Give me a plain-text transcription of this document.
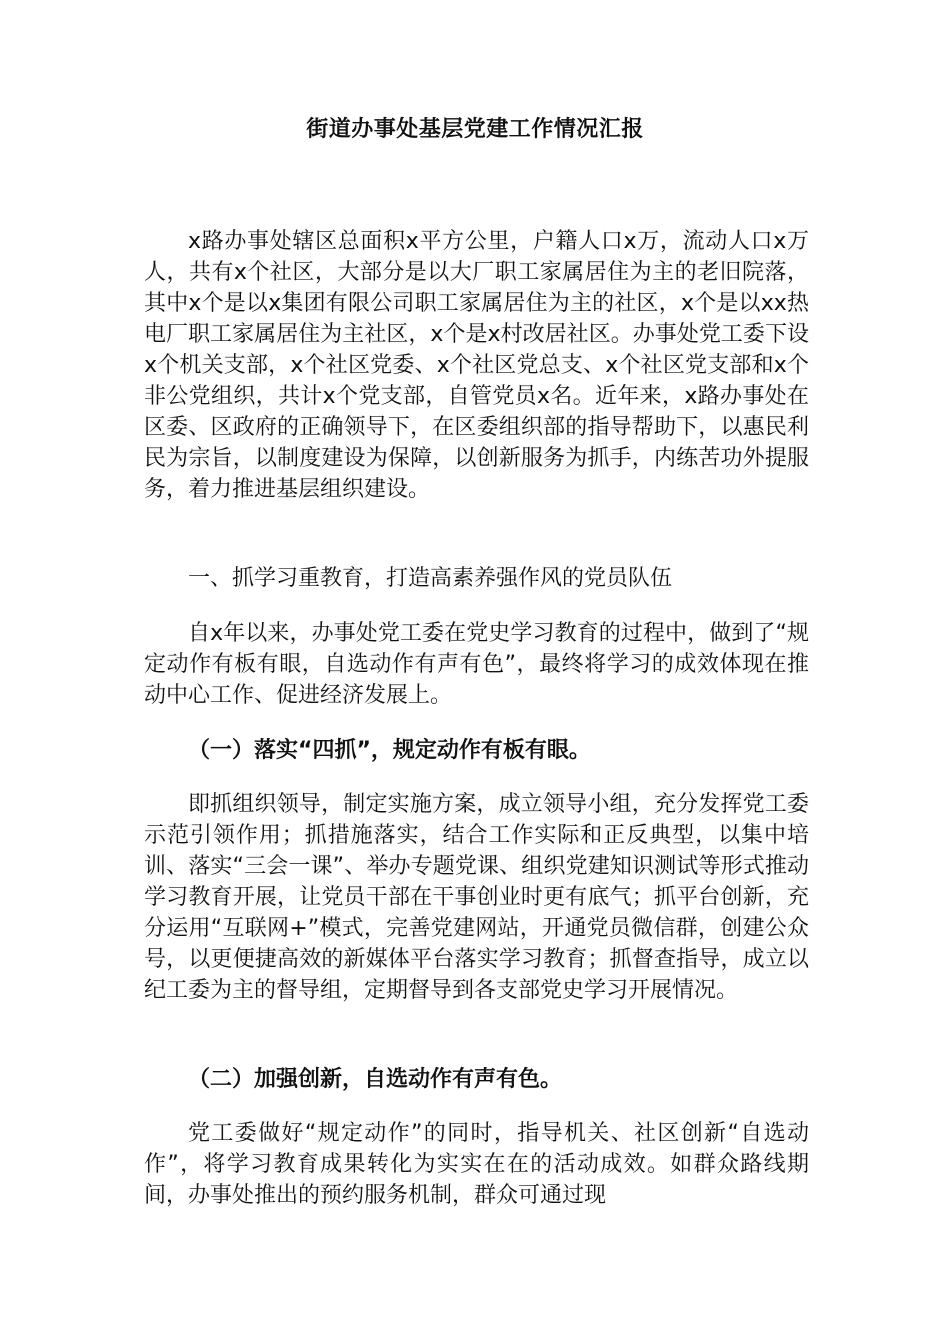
街道办事处基层党建工作情况汇报

x路办事处辖区总面积x平方公里，户籍人口x万，流动人口x万人，共有x个社区，大部分是以大厂职工家属居住为主的老旧院落，其中x个是以x集团有限公司职工家属居住为主的社区，x个是以xx热电厂职工家属居住为主社区，x个是x村改居社区。办事处党工委下设x个机关支部，x个社区党委、x个社区党总支、x个社区党支部和x个非公党组织，共计x个党支部，自管党员x名。近年来，x路办事处在区委、区政府的正确领导下，在区委组织部的指导帮助下，以惠民利民为宗旨，以制度建设为保障，以创新服务为抓手，内练苦功外提服务，着力推进基层组织建设。

一、抓学习重教育，打造高素养强作风的党员队伍

自x年以来，办事处党工委在党史学习教育的过程中，做到了“规定动作有板有眼，自选动作有声有色”，最终将学习的成效体现在推动中心工作、促进经济发展上。

（一）落实“四抓”，规定动作有板有眼。

即抓组织领导，制定实施方案，成立领导小组，充分发挥党工委示范引领作用；抓措施落实，结合工作实际和正反典型，以集中培训、落实“三会一课”、举办专题党课、组织党建知识测试等形式推动学习教育开展，让党员干部在干事创业时更有底气；抓平台创新，充分运用“互联网+”模式，完善党建网站，开通党员微信群，创建公众号，以更便捷高效的新媒体平台落实学习教育；抓督查指导，成立以纪工委为主的督导组，定期督导到各支部党史学习开展情况。

（二）加强创新，自选动作有声有色。

党工委做好“规定动作”的同时，指导机关、社区创新“自选动作”，将学习教育成果转化为实实在在的活动成效。如群众路线期间，办事处推出的预约服务机制，群众可通过现
